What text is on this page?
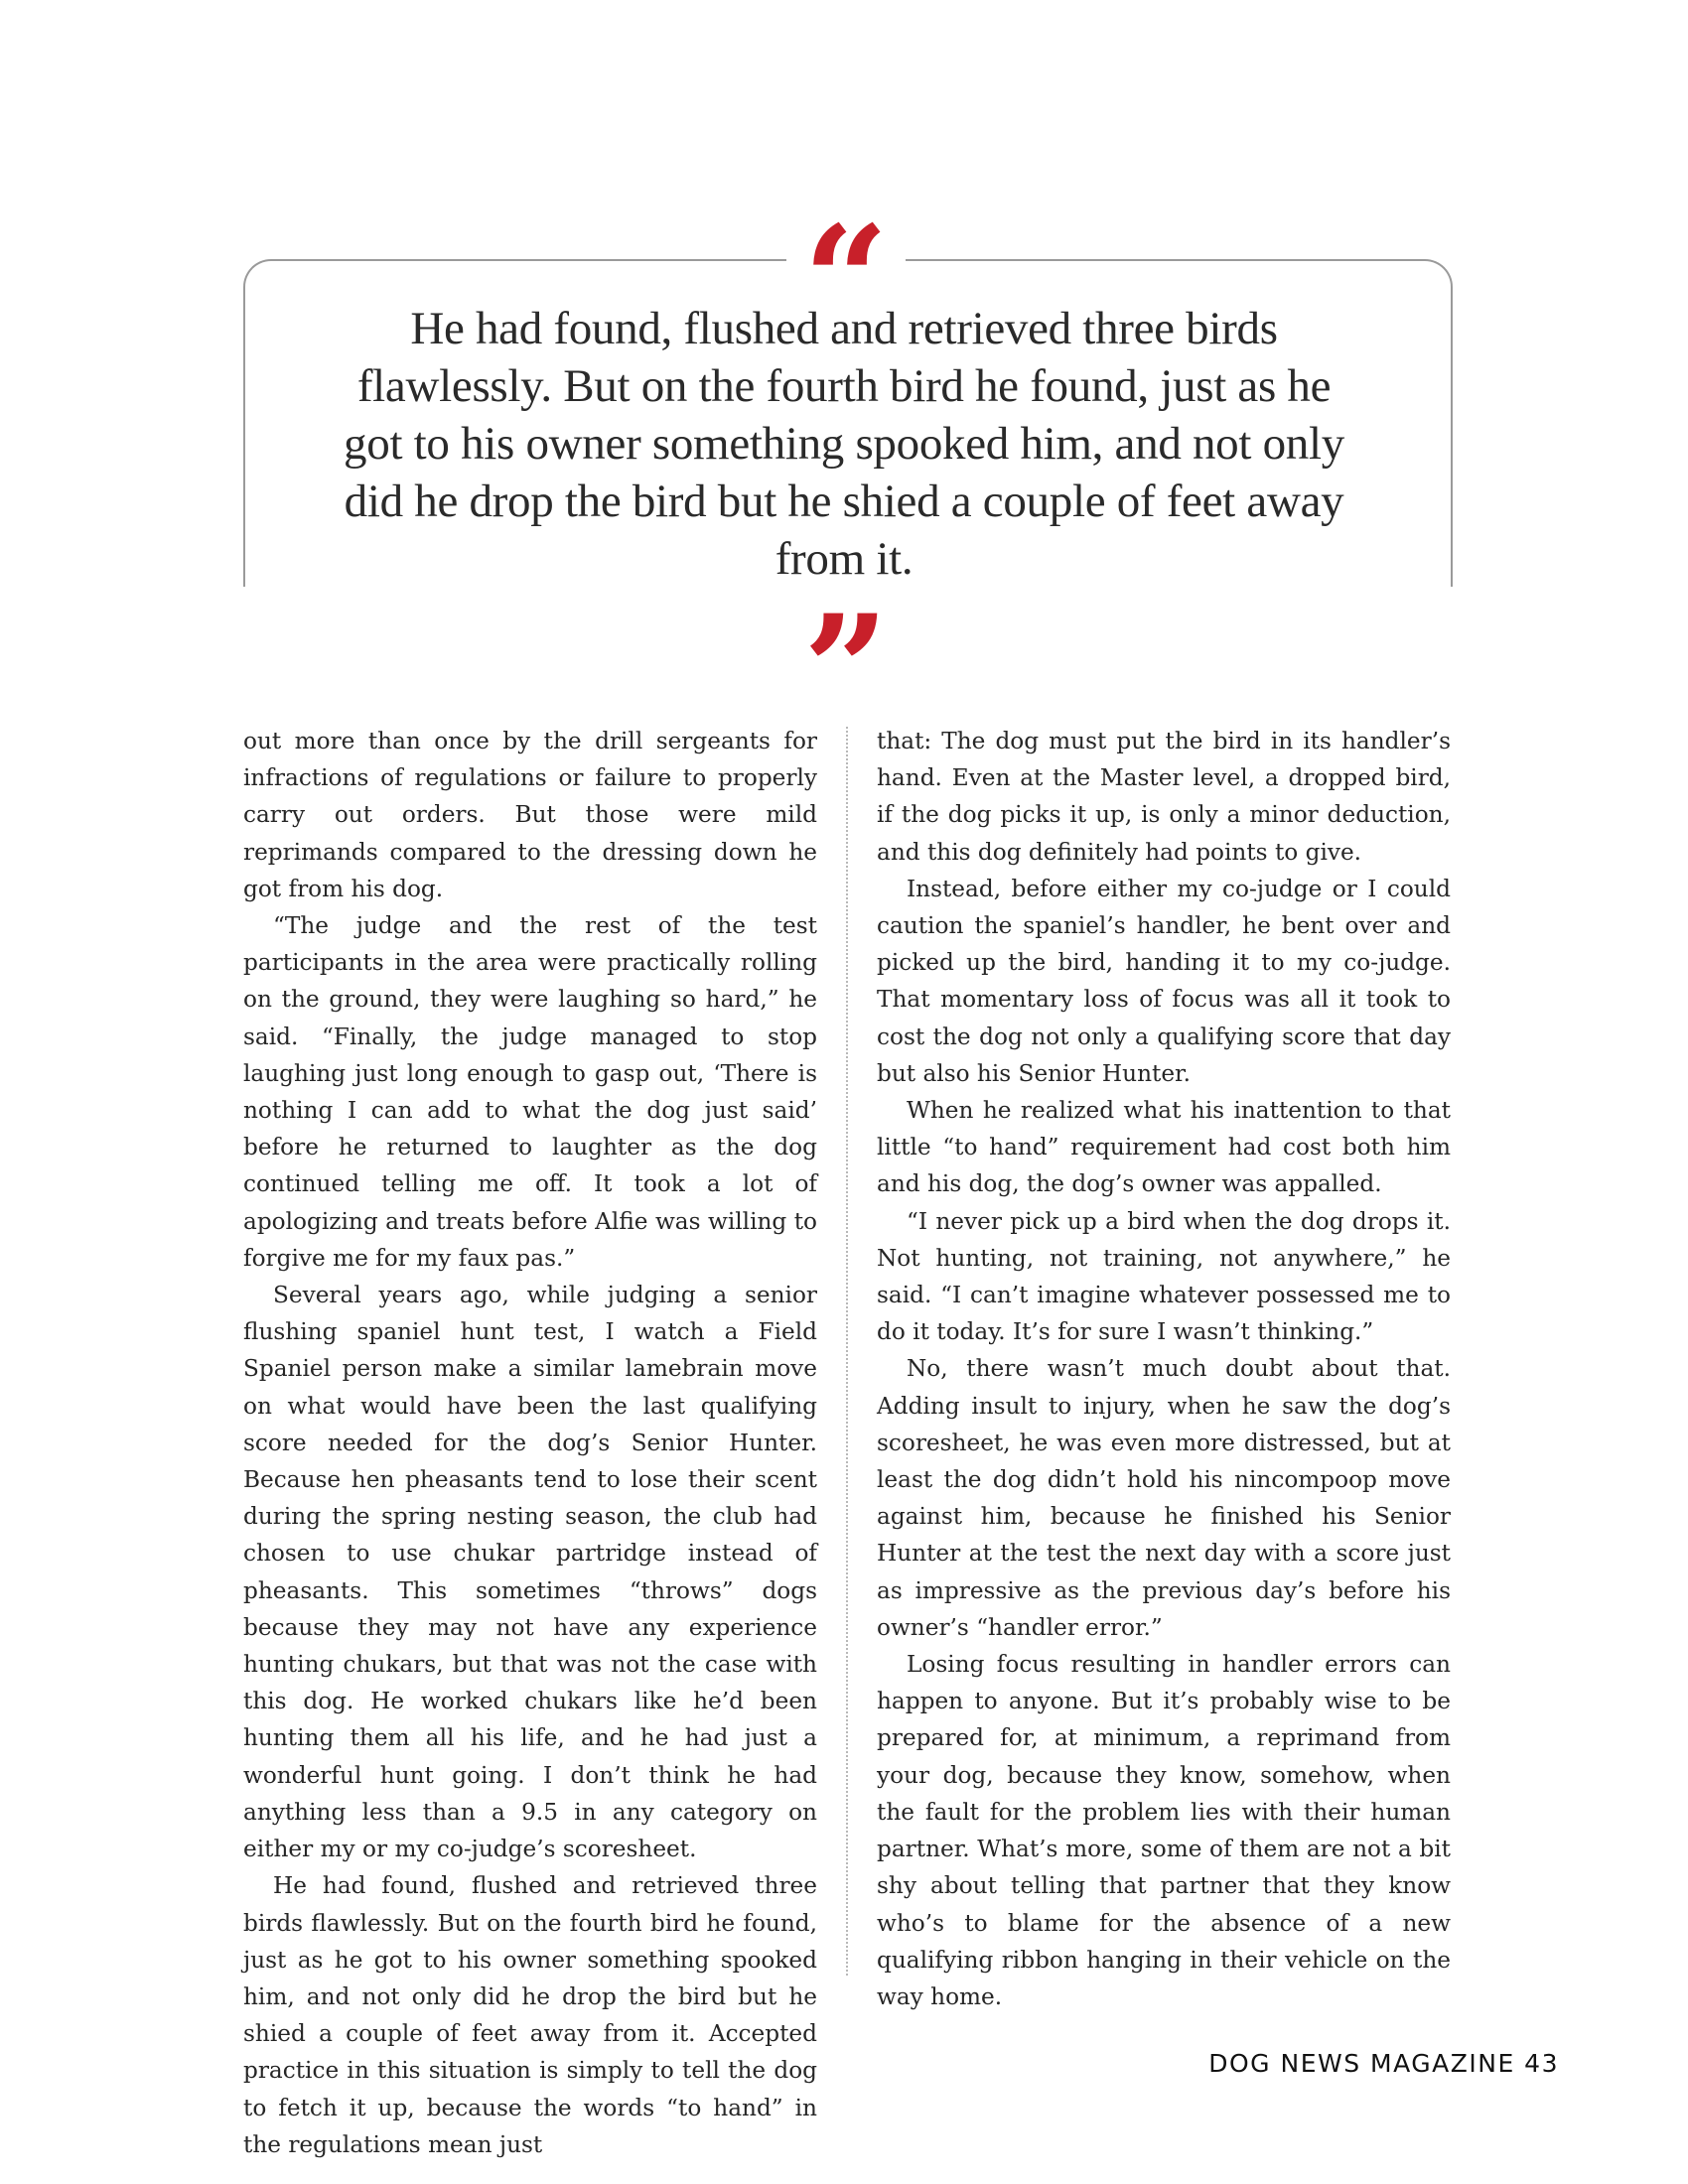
“
He had found, flushed and retrieved three birds flawlessly. But on the fourth bird he found, just as he got to his owner something spooked him, and not only did he drop the bird but he shied a couple of feet away from it.
”

out more than once by the drill sergeants for infractions of regulations or failure to properly carry out orders. But those were mild reprimands compared to the dressing down he got from his dog.

“The judge and the rest of the test participants in the area were practically rolling on the ground, they were laughing so hard,” he said. “Finally, the judge managed to stop laughing just long enough to gasp out, ‘There is nothing I can add to what the dog just said’ before he returned to laughter as the dog continued telling me off. It took a lot of apologizing and treats before Alfie was willing to forgive me for my faux pas.”

Several years ago, while judging a senior flushing spaniel hunt test, I watch a Field Spaniel person make a similar lamebrain move on what would have been the last qualifying score needed for the dog’s Senior Hunter. Because hen pheasants tend to lose their scent during the spring nesting season, the club had chosen to use chukar partridge instead of pheasants. This sometimes “throws” dogs because they may not have any experience hunting chukars, but that was not the case with this dog. He worked chukars like he’d been hunting them all his life, and he had just a wonderful hunt going. I don’t think he had anything less than a 9.5 in any category on either my or my co-judge’s scoresheet.

He had found, flushed and retrieved three birds flawlessly. But on the fourth bird he found, just as he got to his owner something spooked him, and not only did he drop the bird but he shied a couple of feet away from it. Accepted practice in this situation is simply to tell the dog to fetch it up, because the words “to hand” in the regulations mean just

that: The dog must put the bird in its handler’s hand. Even at the Master level, a dropped bird, if the dog picks it up, is only a minor deduction, and this dog definitely had points to give.

Instead, before either my co-judge or I could caution the spaniel’s handler, he bent over and picked up the bird, handing it to my co-judge. That momentary loss of focus was all it took to cost the dog not only a qualifying score that day but also his Senior Hunter.

When he realized what his inattention to that little “to hand” requirement had cost both him and his dog, the dog’s owner was appalled.

“I never pick up a bird when the dog drops it. Not hunting, not training, not anywhere,” he said. “I can’t imagine whatever possessed me to do it today. It’s for sure I wasn’t thinking.”

No, there wasn’t much doubt about that. Adding insult to injury, when he saw the dog’s scoresheet, he was even more distressed, but at least the dog didn’t hold his nincompoop move against him, because he finished his Senior Hunter at the test the next day with a score just as impressive as the previous day’s before his owner’s “handler error.”

Losing focus resulting in handler errors can happen to anyone. But it’s probably wise to be prepared for, at minimum, a reprimand from your dog, because they know, somehow, when the fault for the problem lies with their human partner. What’s more, some of them are not a bit shy about telling that partner that they know who’s to blame for the absence of a new qualifying ribbon hanging in their vehicle on the way home.

DOG NEWS MAGAZINE 43
